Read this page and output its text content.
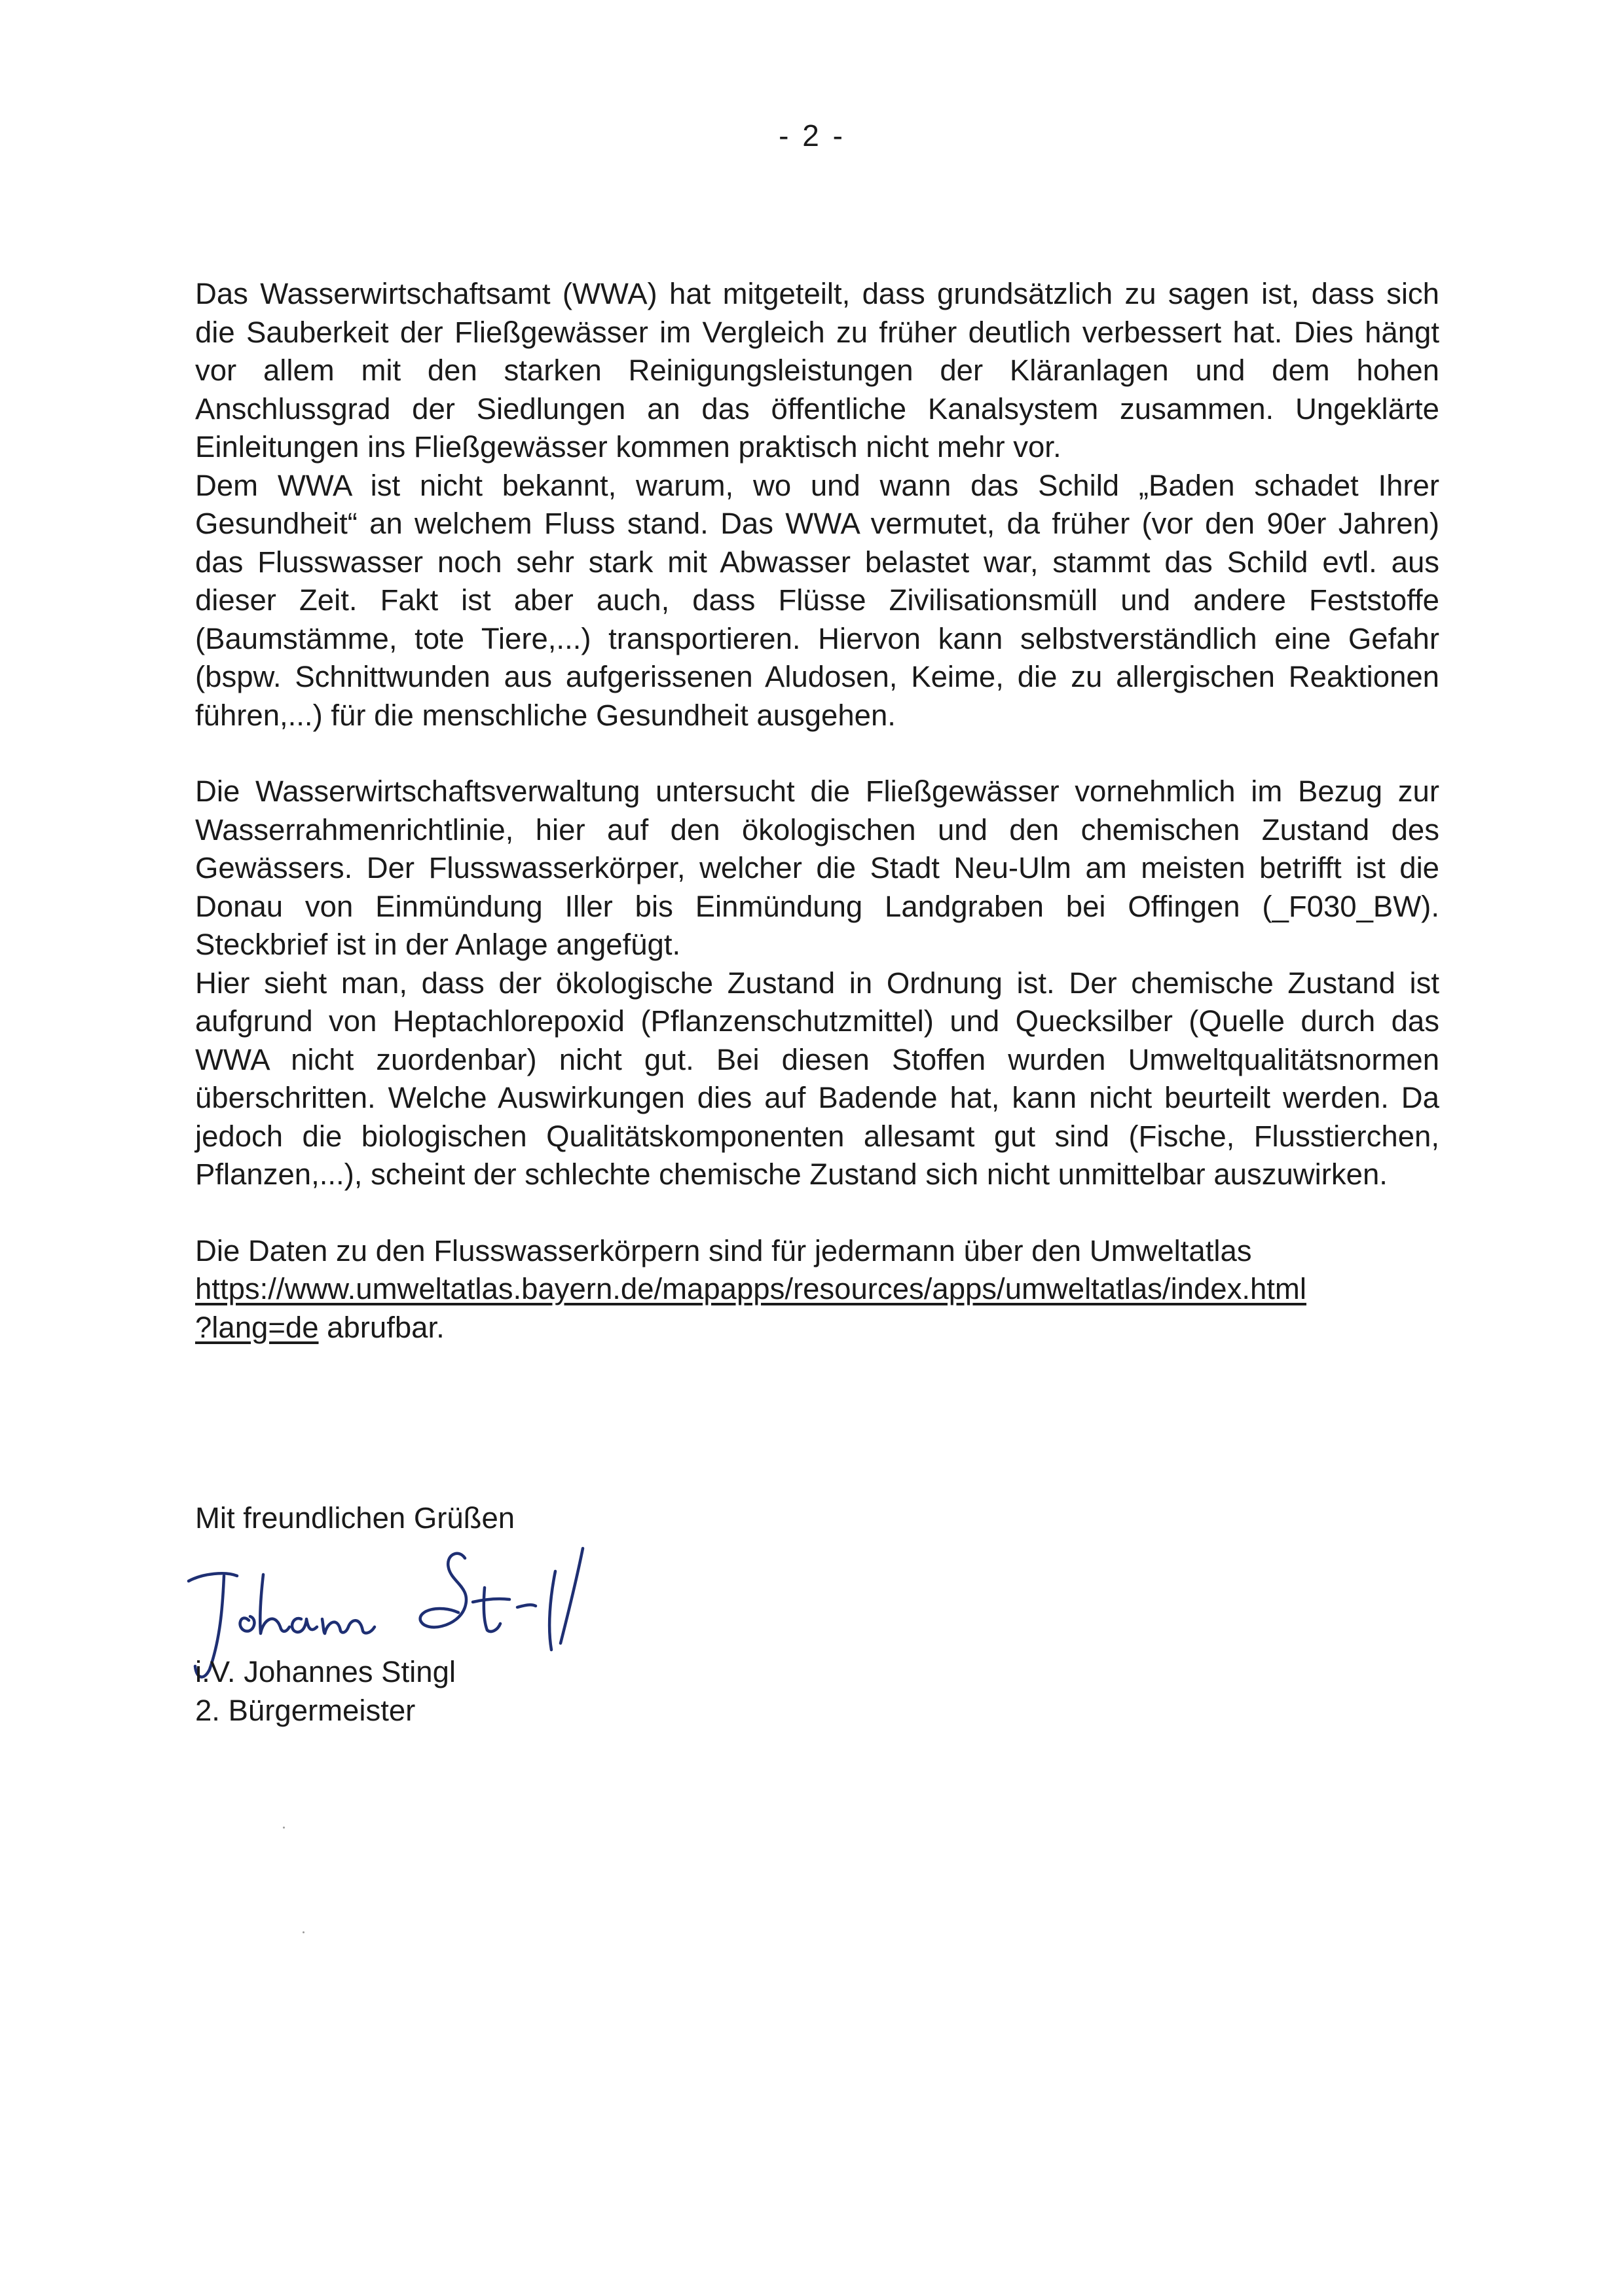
- 2 -

Das Wasserwirtschaftsamt (WWA) hat mitgeteilt, dass grundsätzlich zu sagen ist, dass sich die Sauberkeit der Fließgewässer im Vergleich zu früher deutlich verbessert hat. Dies hängt vor allem mit den starken Reinigungsleistungen der Kläranlagen und dem hohen Anschlussgrad der Siedlungen an das öffentliche Kanalsystem zusammen. Ungeklärte Einleitungen ins Fließgewässer kommen praktisch nicht mehr vor.
Dem WWA ist nicht bekannt, warum, wo und wann das Schild „Baden schadet Ihrer Gesundheit“ an welchem Fluss stand. Das WWA vermutet, da früher (vor den 90er Jahren) das Flusswasser noch sehr stark mit Abwasser belastet war, stammt das Schild evtl. aus dieser Zeit. Fakt ist aber auch, dass Flüsse Zivilisationsmüll und andere Feststoffe (Baumstämme, tote Tiere,...) transportieren. Hiervon kann selbstverständlich eine Gefahr (bspw. Schnittwunden aus aufgerissenen Aludosen, Keime, die zu allergischen Reaktionen führen,...) für die menschliche Gesundheit ausgehen.

Die Wasserwirtschaftsverwaltung untersucht die Fließgewässer vornehmlich im Bezug zur Wasserrahmenrichtlinie, hier auf den ökologischen und den chemischen Zustand des Gewässers. Der Flusswasserkörper, welcher die Stadt Neu-Ulm am meisten betrifft ist die Donau von Einmündung Iller bis Einmündung Landgraben bei Offingen (_F030_BW). Steckbrief ist in der Anlage angefügt.
Hier sieht man, dass der ökologische Zustand in Ordnung ist. Der chemische Zustand ist aufgrund von Heptachlorepoxid (Pflanzenschutzmittel) und Quecksilber (Quelle durch das WWA nicht zuordenbar) nicht gut. Bei diesen Stoffen wurden Umweltqualitätsnormen überschritten. Welche Auswirkungen dies auf Badende hat, kann nicht beurteilt werden. Da jedoch die biologischen Qualitätskomponenten allesamt gut sind (Fische, Flusstierchen, Pflanzen,...), scheint der schlechte chemische Zustand sich nicht unmittelbar auszuwirken.

Die Daten zu den Flusswasserkörpern sind für jedermann über den Umweltatlas
https://www.umweltatlas.bayern.de/mapapps/resources/apps/umweltatlas/index.html
?lang=de abrufbar.

Mit freundlichen Grüßen
i.V. Johannes Stingl
2. Bürgermeister
